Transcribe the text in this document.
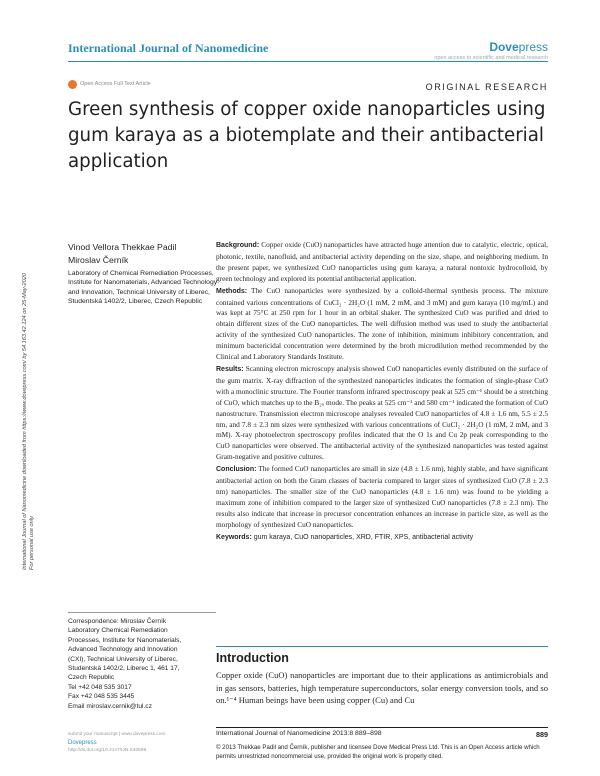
International Journal of Nanomedicine	Dovepress
open access to scientific and medical research
Open Access Full Text Article	ORIGINAL RESEARCH
Green synthesis of copper oxide nanoparticles using gum karaya as a biotemplate and their antibacterial application
International Journal of Nanomedicine downloaded from https://www.dovepress.com/ by 54.163.42.124 on 25-May-2020
For personal use only.
Vinod Vellora Thekkae Padil
Miroslav Černík
Laboratory of Chemical Remediation Processes, Institute for Nanomaterials, Advanced Technology and Innovation, Technical University of Liberec, Studentská 1402/2, Liberec, Czech Republic
Correspondence: Miroslav Černík
Laboratory Chemical Remediation
Processes, Institute for Nanomaterials,
Advanced Technology and Innovation
(CXI), Technical University of Liberec,
Studentská 1402/2, Liberec 1, 461 17,
Czech Republic
Tel +42 048 535 3017
Fax +42 048 535 3445
Email miroslav.cernik@tul.cz

Background: Copper oxide (CuO) nanoparticles have attracted huge attention due to catalytic, electric, optical, photonic, textile, nanofluid, and antibacterial activity depending on the size, shape, and neighboring medium. In the present paper, we synthesized CuO nanoparticles using gum karaya, a natural nontoxic hydrocolloid, by green technology and explored its potential antibacterial application.

Methods: The CuO nanoparticles were synthesized by a colloid-thermal synthesis process. The mixture contained various concentrations of CuCl₂ · 2H₂O (1 mM, 2 mM, and 3 mM) and gum karaya (10 mg/mL) and was kept at 75°C at 250 rpm for 1 hour in an orbital shaker. The synthesized CuO was purified and dried to obtain different sizes of the CuO nanoparticles. The well diffusion method was used to study the antibacterial activity of the synthesized CuO nanoparticles. The zone of inhibition, minimum inhibitory concentration, and minimum bactericidal concentration were determined by the broth microdilution method recommended by the Clinical and Laboratory Standards Institute.

Results: Scanning electron microscopy analysis showed CuO nanoparticles evenly distributed on the surface of the gum matrix. X-ray diffraction of the synthesized nanoparticles indicates the formation of single-phase CuO with a monoclinic structure. The Fourier transform infrared spectroscopy peak at 525 cm⁻¹ should be a stretching of CuO, which matches up to the B₂ᵤ mode. The peaks at 525 cm⁻¹ and 580 cm⁻¹ indicated the formation of CuO nanostructure. Transmission electron microscope analyses revealed CuO nanoparticles of 4.8 ± 1.6 nm, 5.5 ± 2.5 nm, and 7.8 ± 2.3 nm sizes were synthesized with various concentrations of CuCl₂ · 2H₂O (1 mM, 2 mM, and 3 mM). X-ray photoelectron spectroscopy profiles indicated that the O 1s and Cu 2p peak corresponding to the CuO nanoparticles were observed. The antibacterial activity of the synthesized nanoparticles was tested against Gram-negative and positive cultures.

Conclusion: The formed CuO nanoparticles are small in size (4.8 ± 1.6 nm), highly stable, and have significant antibacterial action on both the Gram classes of bacteria compared to larger sizes of synthesized CuO (7.8 ± 2.3 nm) nanoparticles. The smaller size of the CuO nanoparticles (4.8 ± 1.6 nm) was found to be yielding a maximum zone of inhibition compared to the larger size of synthesized CuO nanoparticles (7.8 ± 2.3 nm). The results also indicate that increase in precursor concentration enhances an increase in particle size, as well as the morphology of synthesized CuO nanoparticles.

Keywords: gum karaya, CuO nanoparticles, XRD, FTIR, XPS, antibacterial activity

Introduction
Copper oxide (CuO) nanoparticles are important due to their applications as antimicrobials and in gas sensors, batteries, high temperature superconductors, solar energy conversion tools, and so on.¹⁻⁴ Human beings have been using copper (Cu) and Cu
submit your manuscript | www.dovepress.com
Dovepress
http://dx.doi.org/10.2147/IJN.S40599
International Journal of Nanomedicine 2013:8 889–898	889
© 2013 Thekkae Padil and Černík, publisher and licensee Dove Medical Press Ltd. This is an Open Access article which permits unrestricted noncommercial use, provided the original work is properly cited.
